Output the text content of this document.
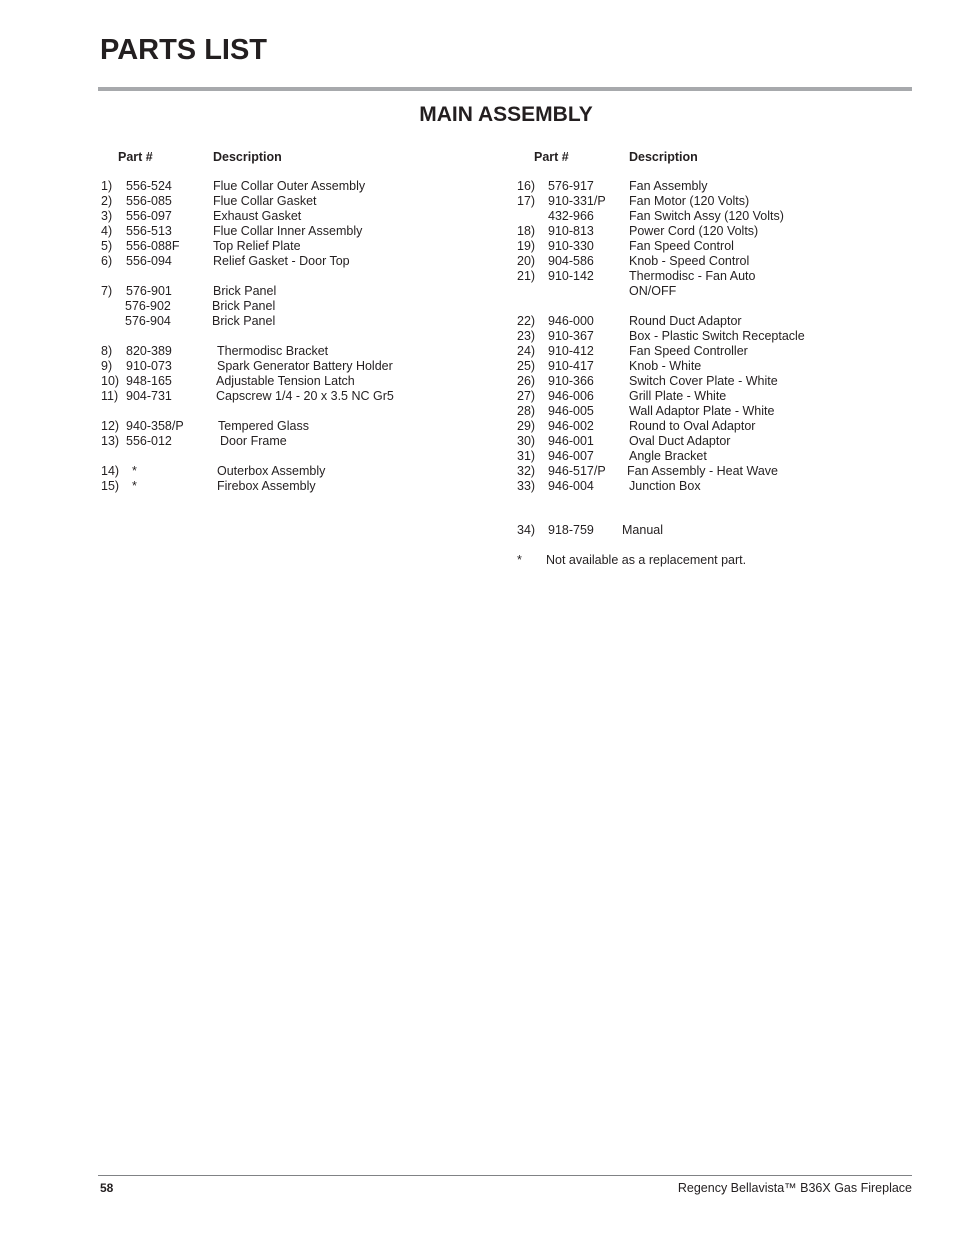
PARTS LIST
MAIN ASSEMBLY
Part #	Description	Part #	Description
1) 556-524	Flue Collar Outer Assembly
2) 556-085	Flue Collar Gasket
3) 556-097	Exhaust Gasket
4) 556-513	Flue Collar Inner Assembly
5) 556-088F	Top Relief Plate
6) 556-094	Relief Gasket - Door Top
7) 576-901	Brick Panel
576-902	Brick Panel
576-904	Brick Panel
8) 820-389	Thermodisc Bracket
9) 910-073	Spark Generator Battery Holder
10) 948-165	Adjustable Tension Latch
11) 904-731	Capscrew 1/4 - 20 x 3.5 NC Gr5
12) 940-358/P	Tempered Glass
13) 556-012	Door Frame
14) *	Outerbox Assembly
15) *	Firebox Assembly
16) 576-917	Fan Assembly
17) 910-331/P Fan Motor (120 Volts)
432-966	Fan Switch Assy (120 Volts)
18) 910-813	Power Cord (120 Volts)
19) 910-330	Fan Speed Control
20) 904-586	Knob - Speed Control
21) 910-142	Thermodisc - Fan Auto
ON/OFF
22) 946-000	Round Duct Adaptor
23) 910-367	Box - Plastic Switch Receptacle
24) 910-412	Fan Speed Controller
25) 910-417	Knob - White
26) 910-366	Switch Cover Plate - White
27) 946-006	Grill Plate - White
28) 946-005	Wall Adaptor Plate - White
29) 946-002	Round to Oval Adaptor
30) 946-001	Oval Duct Adaptor
31) 946-007	Angle Bracket
32) 946-517/P Fan Assembly - Heat Wave
33) 946-004	Junction Box
34) 918-759 Manual
* Not available as a replacement part.
58	Regency Bellavista™ B36X Gas Fireplace
